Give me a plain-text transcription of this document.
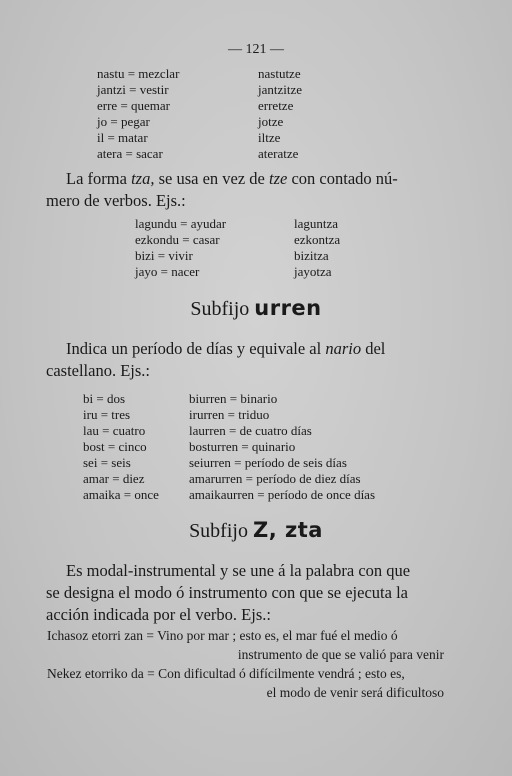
— 121 —
nastu = mezclar
jantzi = vestir
erre = quemar
jo = pegar
il = matar
atera = sacar
nastutze
jantzitze
erretze
jotze
iltze
ateratze
La forma tza, se usa en vez de tze con contado nú-
mero de verbos. Ejs.:
lagundu = ayudar
ezkondu = casar
bizi = vivir
jayo = nacer
laguntza
ezkontza
bizitza
jayotza
Subfijo urren
Indica un período de días y equivale al nario del
castellano. Ejs.:
bi = dos
iru = tres
lau = cuatro
bost = cinco
sei = seis
amar = diez
amaika = once
biurren = binario
irurren = triduo
laurren = de cuatro días
bosturren = quinario
seiurren = período de seis días
amarurren = período de diez días
amaikaurren = período de once días
Subfijo Z, zta
Es modal-instrumental y se une á la palabra con que
se designa el modo ó instrumento con que se ejecuta la
acción indicada por el verbo. Ejs.:
Ichasoz etorri zan = Vino por mar ; esto es, el mar fué el medio ó
instrumento de que se valió para venir
Nekez etorriko da = Con dificultad ó difícilmente vendrá ; esto es,
el modo de venir será dificultoso
